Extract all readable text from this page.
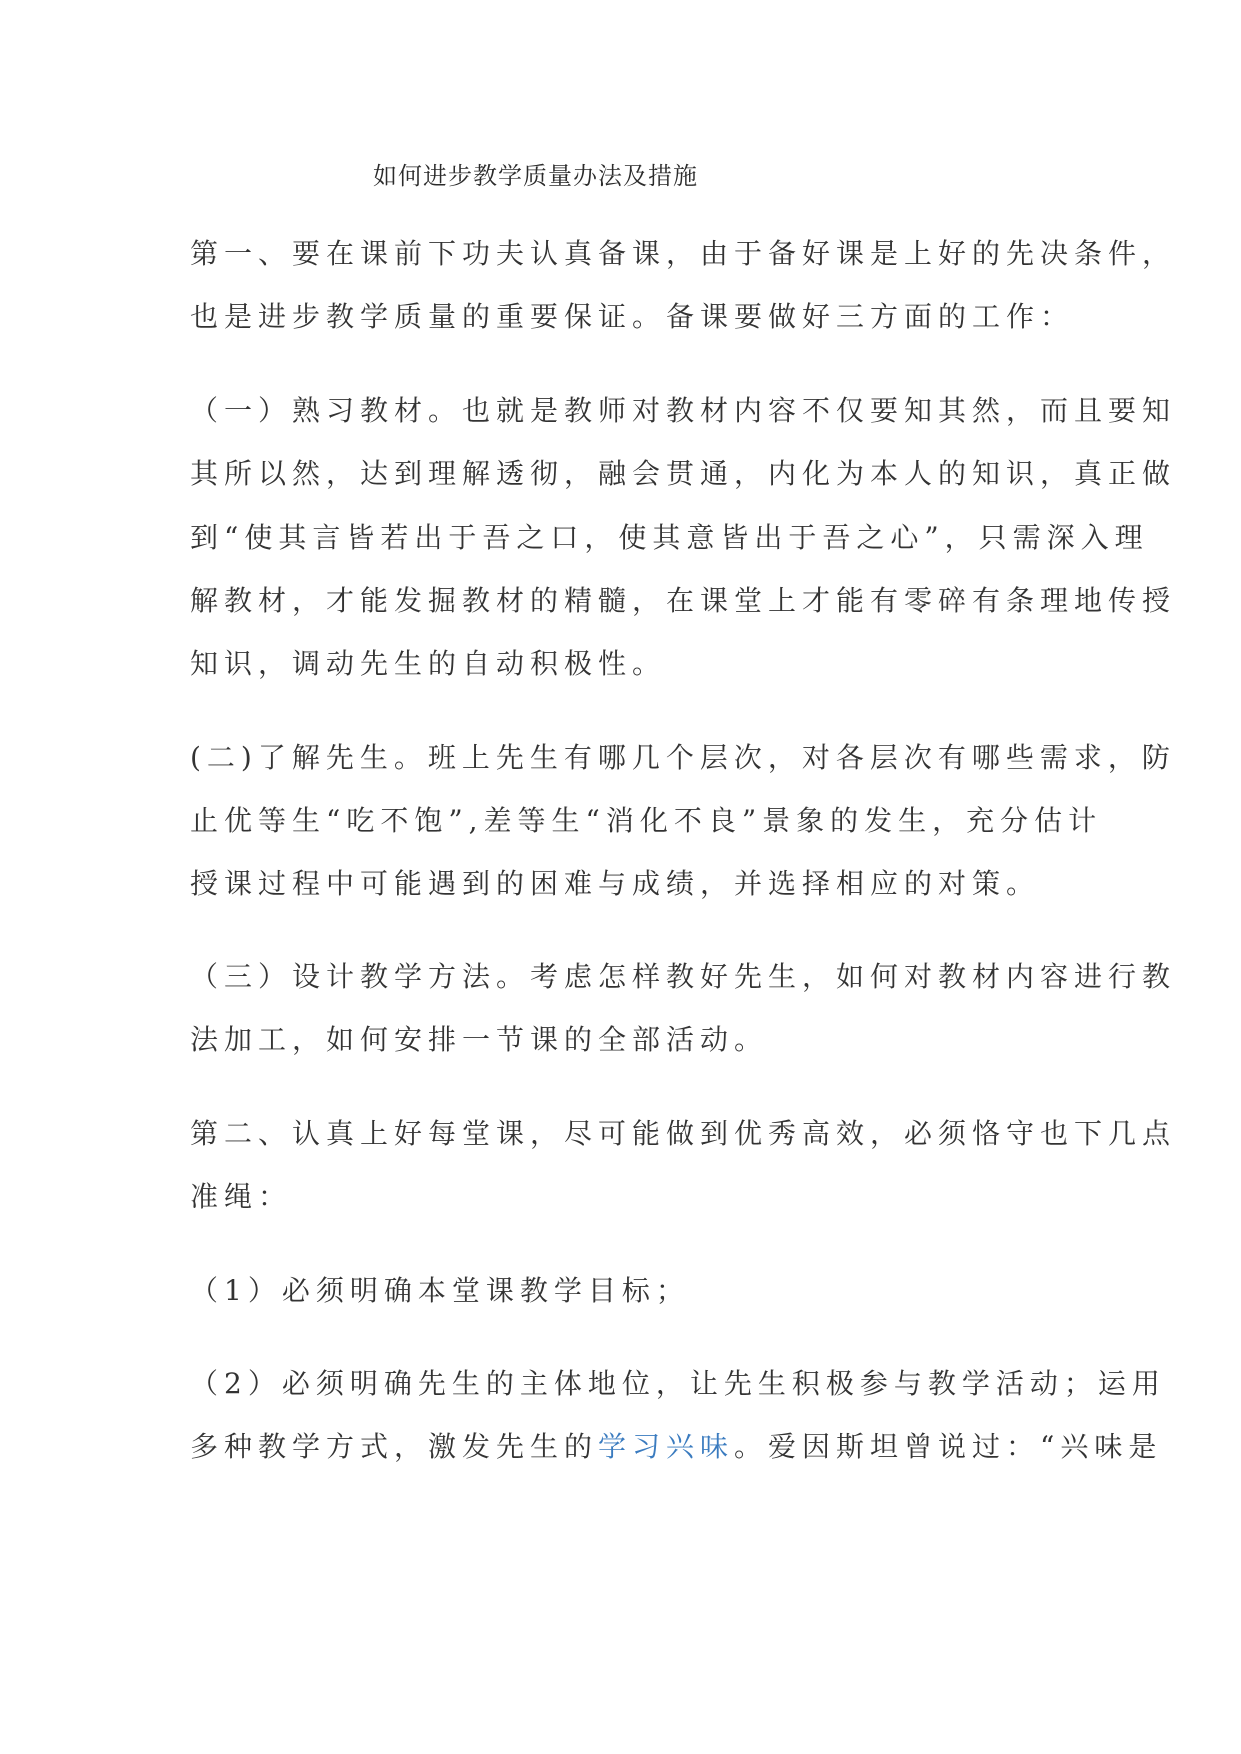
如何进步教学质量办法及措施
第一、要在课前下功夫认真备课，由于备好课是上好的先决条件，
也是进步教学质量的重要保证。备课要做好三方面的工作：
（一）熟习教材。也就是教师对教材内容不仅要知其然，而且要知
其所以然，达到理解透彻，融会贯通，内化为本人的知识，真正做
到“使其言皆若出于吾之口，使其意皆出于吾之心”，只需深入理
解教材，才能发掘教材的精髓，在课堂上才能有零碎有条理地传授
知识，调动先生的自动积极性。
(二)了解先生。班上先生有哪几个层次，对各层次有哪些需求，防
止优等生“吃不饱”,差等生“消化不良”景象的发生，充分估计
授课过程中可能遇到的困难与成绩，并选择相应的对策。
（三）设计教学方法。考虑怎样教好先生，如何对教材内容进行教
法加工，如何安排一节课的全部活动。
第二、认真上好每堂课，尽可能做到优秀高效，必须恪守也下几点
准绳：
（1）必须明确本堂课教学目标；
（2）必须明确先生的主体地位，让先生积极参与教学活动；运用
多种教学方式，激发先生的学习兴味。爱因斯坦曾说过：“兴味是
